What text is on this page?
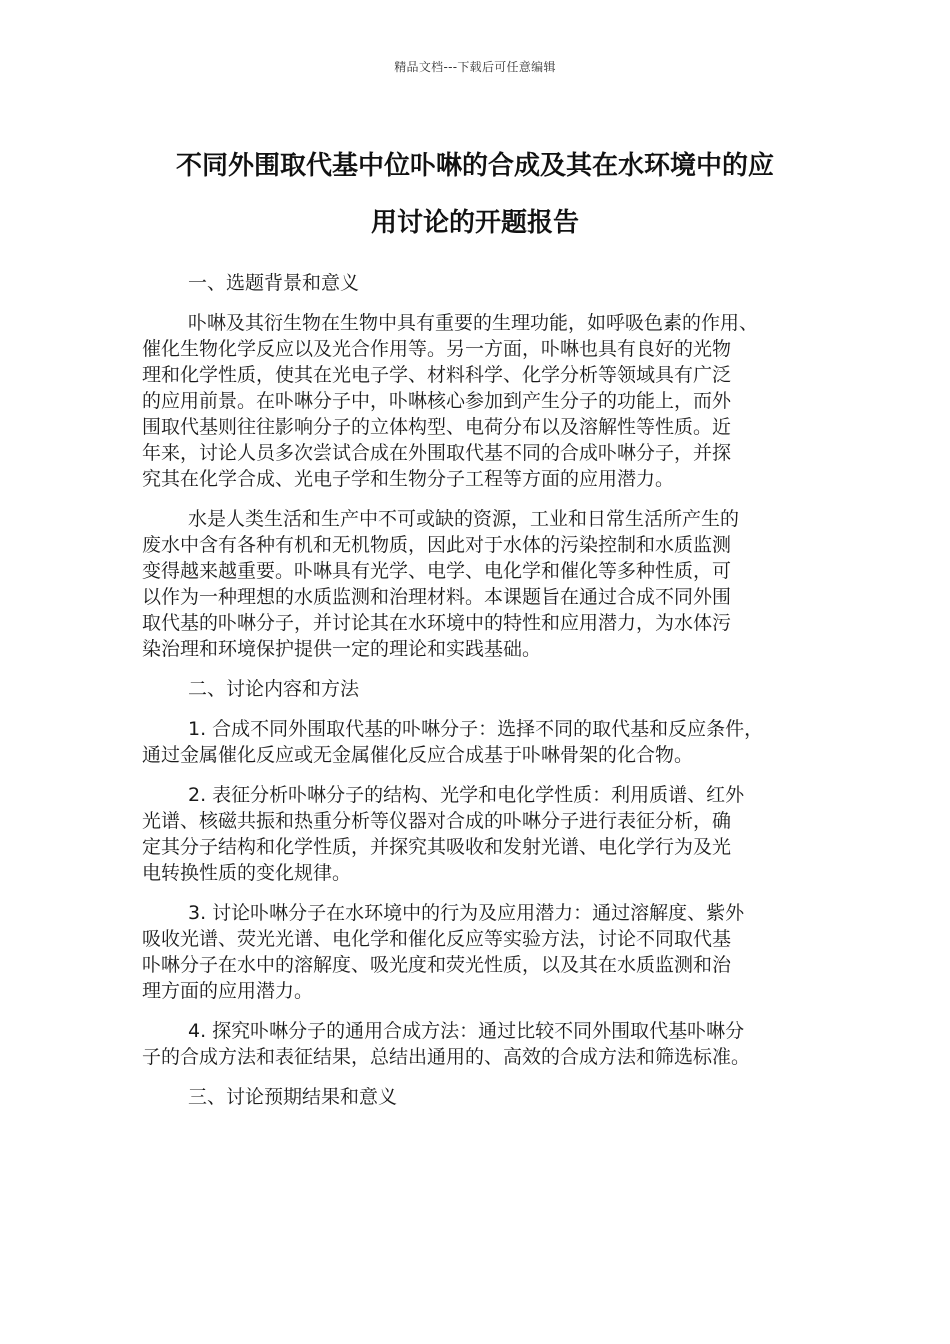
精品文档---下载后可任意编辑
不同外围取代基中位卟啉的合成及其在水环境中的应
用讨论的开题报告
一、选题背景和意义
卟啉及其衍生物在生物中具有重要的生理功能，如呼吸色素的作用、
催化生物化学反应以及光合作用等。另一方面，卟啉也具有良好的光物
理和化学性质，使其在光电子学、材料科学、化学分析等领域具有广泛
的应用前景。在卟啉分子中，卟啉核心参加到产生分子的功能上，而外
围取代基则往往影响分子的立体构型、电荷分布以及溶解性等性质。近
年来，讨论人员多次尝试合成在外围取代基不同的合成卟啉分子，并探
究其在化学合成、光电子学和生物分子工程等方面的应用潜力。
水是人类生活和生产中不可或缺的资源，工业和日常生活所产生的
废水中含有各种有机和无机物质，因此对于水体的污染控制和水质监测
变得越来越重要。卟啉具有光学、电学、电化学和催化等多种性质，可
以作为一种理想的水质监测和治理材料。本课题旨在通过合成不同外围
取代基的卟啉分子，并讨论其在水环境中的特性和应用潜力，为水体污
染治理和环境保护提供一定的理论和实践基础。
二、讨论内容和方法
1. 合成不同外围取代基的卟啉分子：选择不同的取代基和反应条件，
通过金属催化反应或无金属催化反应合成基于卟啉骨架的化合物。
2. 表征分析卟啉分子的结构、光学和电化学性质：利用质谱、红外
光谱、核磁共振和热重分析等仪器对合成的卟啉分子进行表征分析，确
定其分子结构和化学性质，并探究其吸收和发射光谱、电化学行为及光
电转换性质的变化规律。
3. 讨论卟啉分子在水环境中的行为及应用潜力：通过溶解度、紫外
吸收光谱、荧光光谱、电化学和催化反应等实验方法，讨论不同取代基
卟啉分子在水中的溶解度、吸光度和荧光性质，以及其在水质监测和治
理方面的应用潜力。
4. 探究卟啉分子的通用合成方法：通过比较不同外围取代基卟啉分
子的合成方法和表征结果，总结出通用的、高效的合成方法和筛选标准。
三、讨论预期结果和意义
